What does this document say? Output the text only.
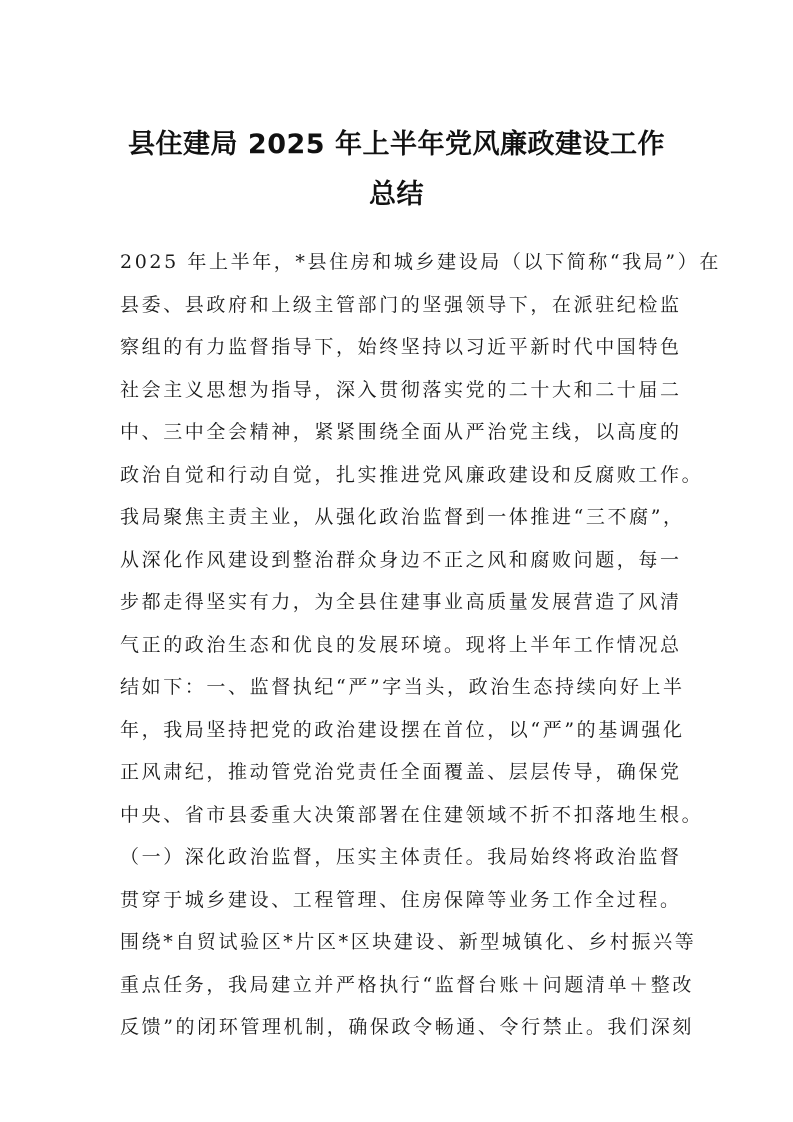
县住建局 2025 年上半年党风廉政建设工作
总结
2025 年上半年，*县住房和城乡建设局（以下简称“我局”）在
县委、县政府和上级主管部门的坚强领导下，在派驻纪检监
察组的有力监督指导下，始终坚持以习近平新时代中国特色
社会主义思想为指导，深入贯彻落实党的二十大和二十届二
中、三中全会精神，紧紧围绕全面从严治党主线，以高度的
政治自觉和行动自觉，扎实推进党风廉政建设和反腐败工作。
我局聚焦主责主业，从强化政治监督到一体推进“三不腐”，
从深化作风建设到整治群众身边不正之风和腐败问题，每一
步都走得坚实有力，为全县住建事业高质量发展营造了风清
气正的政治生态和优良的发展环境。现将上半年工作情况总
结如下：一、监督执纪“严”字当头，政治生态持续向好上半
年，我局坚持把党的政治建设摆在首位，以“严”的基调强化
正风肃纪，推动管党治党责任全面覆盖、层层传导，确保党
中央、省市县委重大决策部署在住建领域不折不扣落地生根。
（一）深化政治监督，压实主体责任。我局始终将政治监督
贯穿于城乡建设、工程管理、住房保障等业务工作全过程。
围绕*自贸试验区*片区*区块建设、新型城镇化、乡村振兴等
重点任务，我局建立并严格执行“监督台账＋问题清单＋整改
反馈”的闭环管理机制，确保政令畅通、令行禁止。我们深刻
